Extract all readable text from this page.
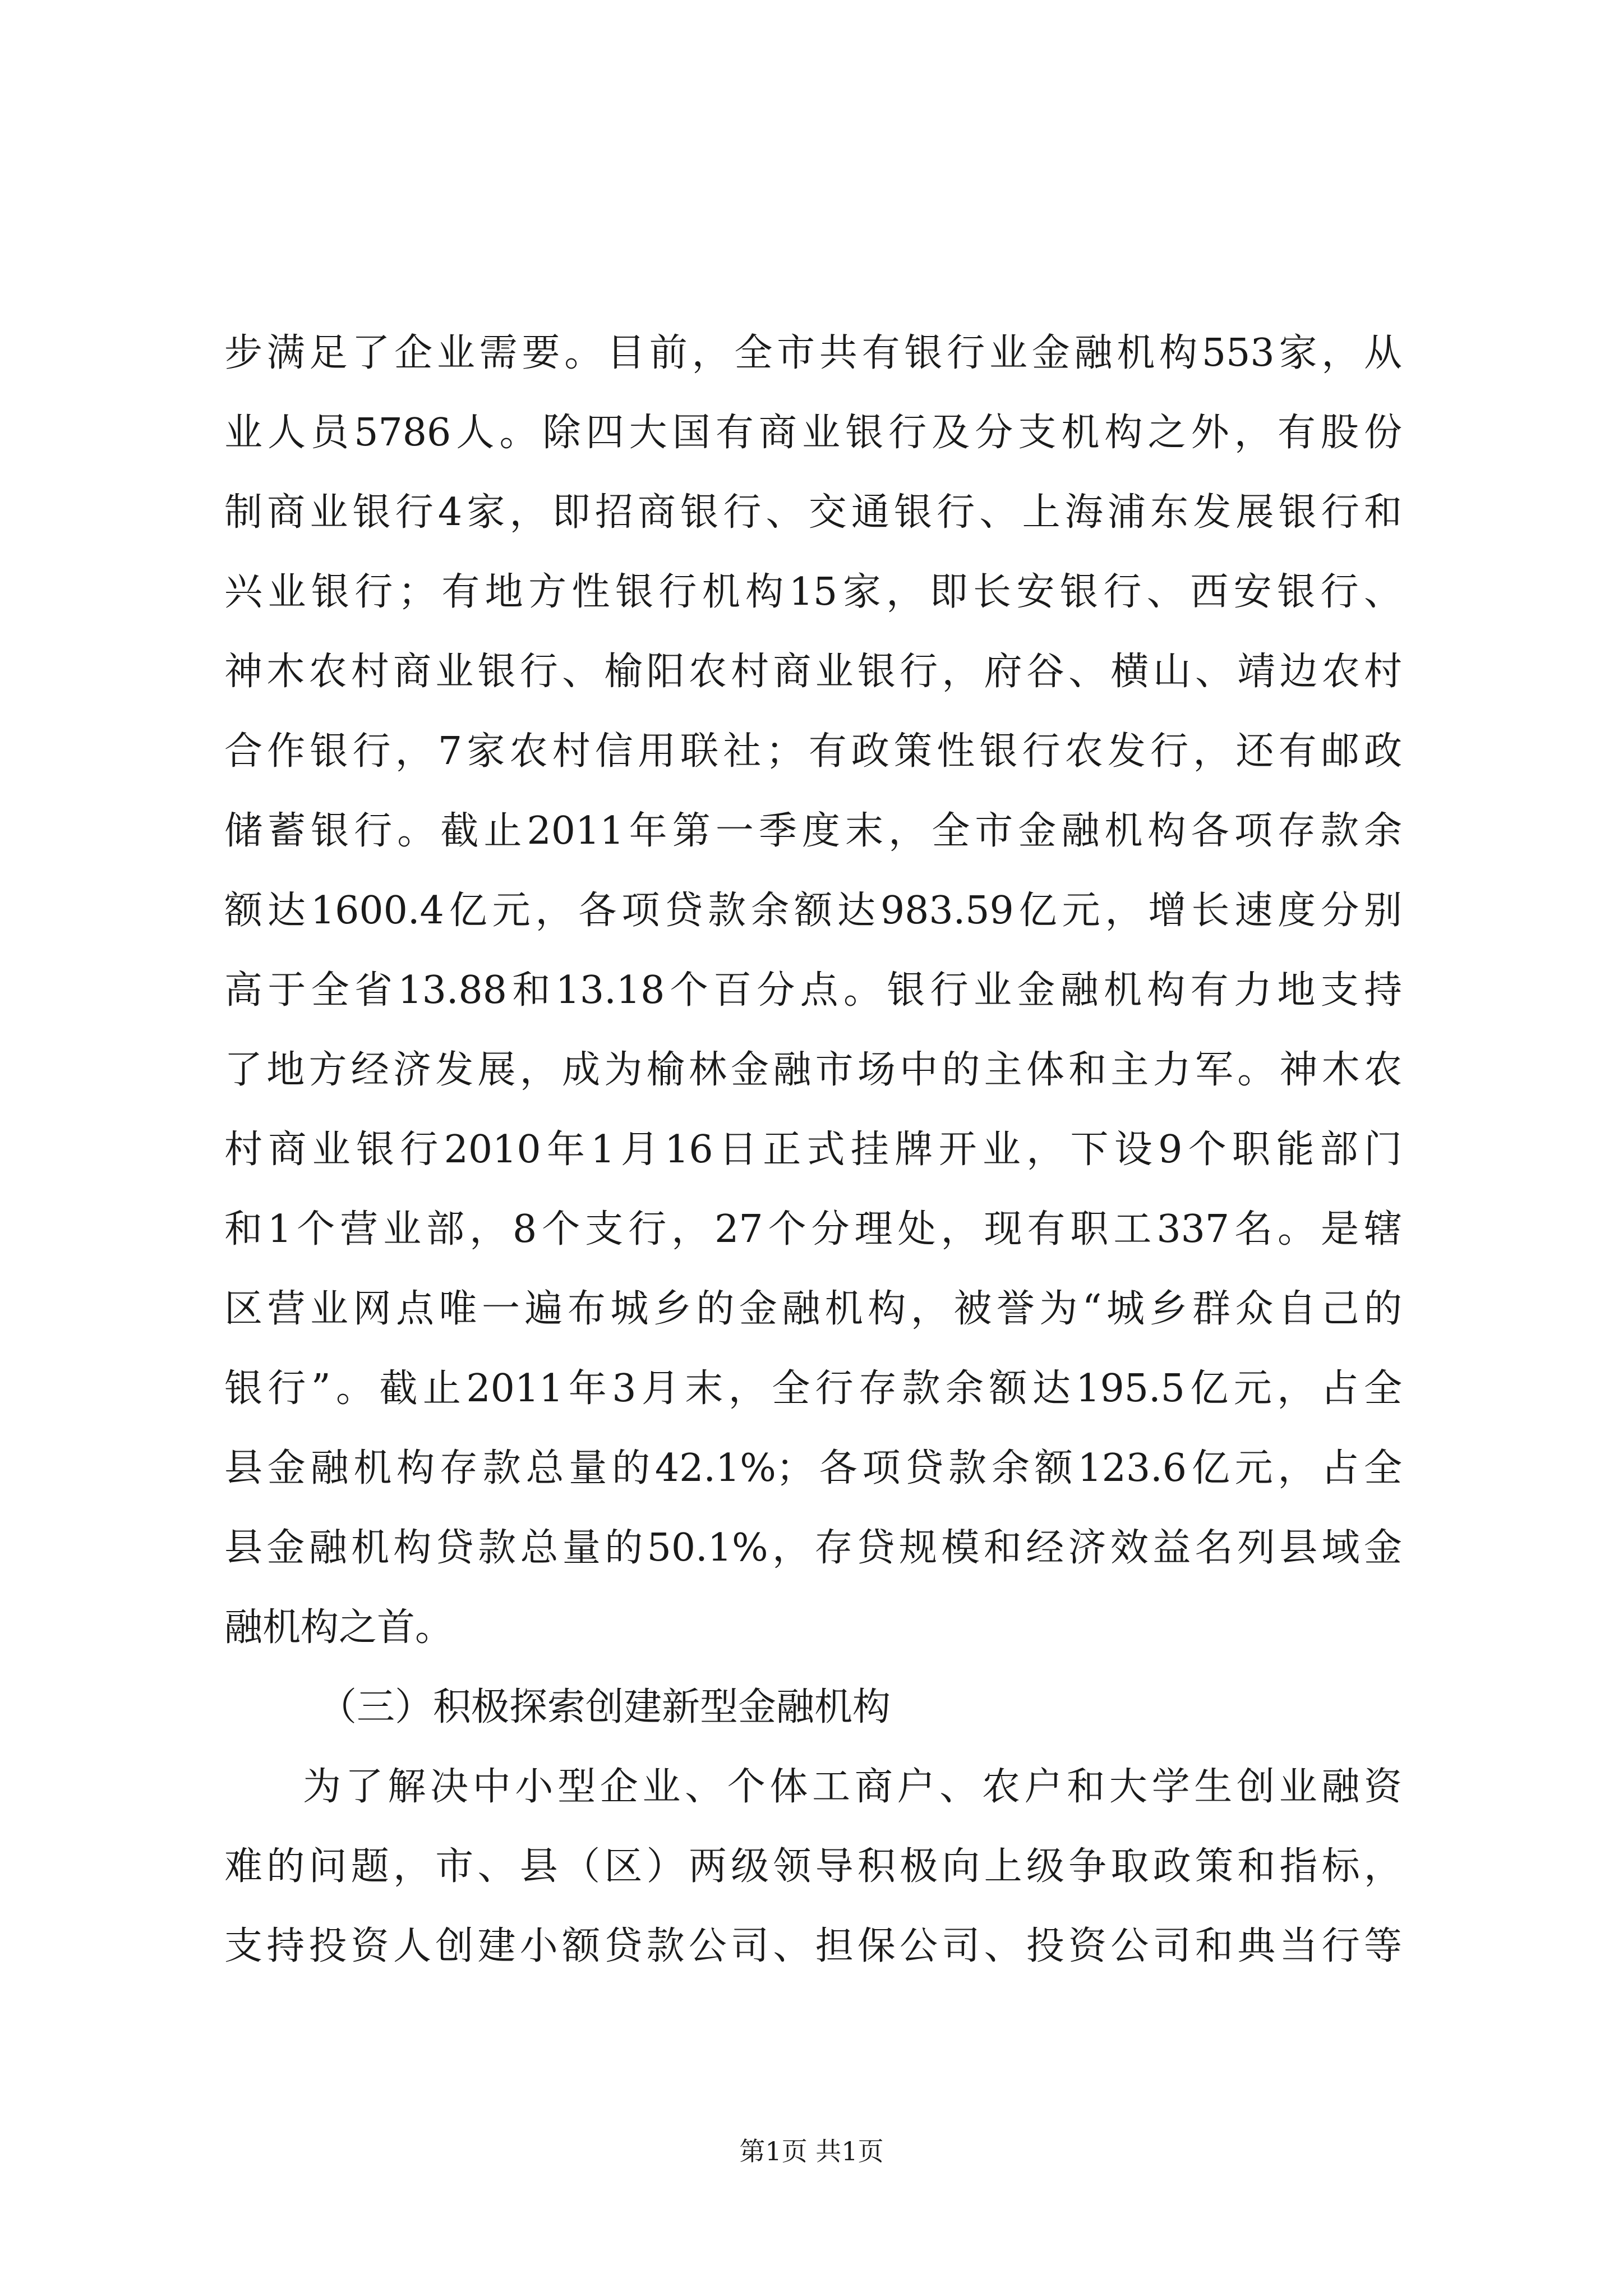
步满足了企业需要。目前，全市共有银行业金融机构553家，从
业人员5786人。除四大国有商业银行及分支机构之外，有股份
制商业银行4家，即招商银行、交通银行、上海浦东发展银行和
兴业银行；有地方性银行机构15家，即长安银行、西安银行、
神木农村商业银行、榆阳农村商业银行，府谷、横山、靖边农村
合作银行，7家农村信用联社；有政策性银行农发行，还有邮政
储蓄银行。截止2011年第一季度末，全市金融机构各项存款余
额达1600.4亿元，各项贷款余额达983.59亿元，增长速度分别
高于全省13.88和13.18个百分点。银行业金融机构有力地支持
了地方经济发展，成为榆林金融市场中的主体和主力军。神木农
村商业银行2010年1月16日正式挂牌开业，下设9个职能部门
和1个营业部，8个支行，27个分理处，现有职工337名。是辖
区营业网点唯一遍布城乡的金融机构，被誉为“城乡群众自己的
银行”。截止2011年3月末，全行存款余额达195.5亿元，占全
县金融机构存款总量的42.1%；各项贷款余额123.6亿元，占全
县金融机构贷款总量的50.1%，存贷规模和经济效益名列县域金
融机构之首。
（三）积极探索创建新型金融机构
为了解决中小型企业、个体工商户、农户和大学生创业融资
难的问题，市、县（区）两级领导积极向上级争取政策和指标，
支持投资人创建小额贷款公司、担保公司、投资公司和典当行等
第1页 共1页
